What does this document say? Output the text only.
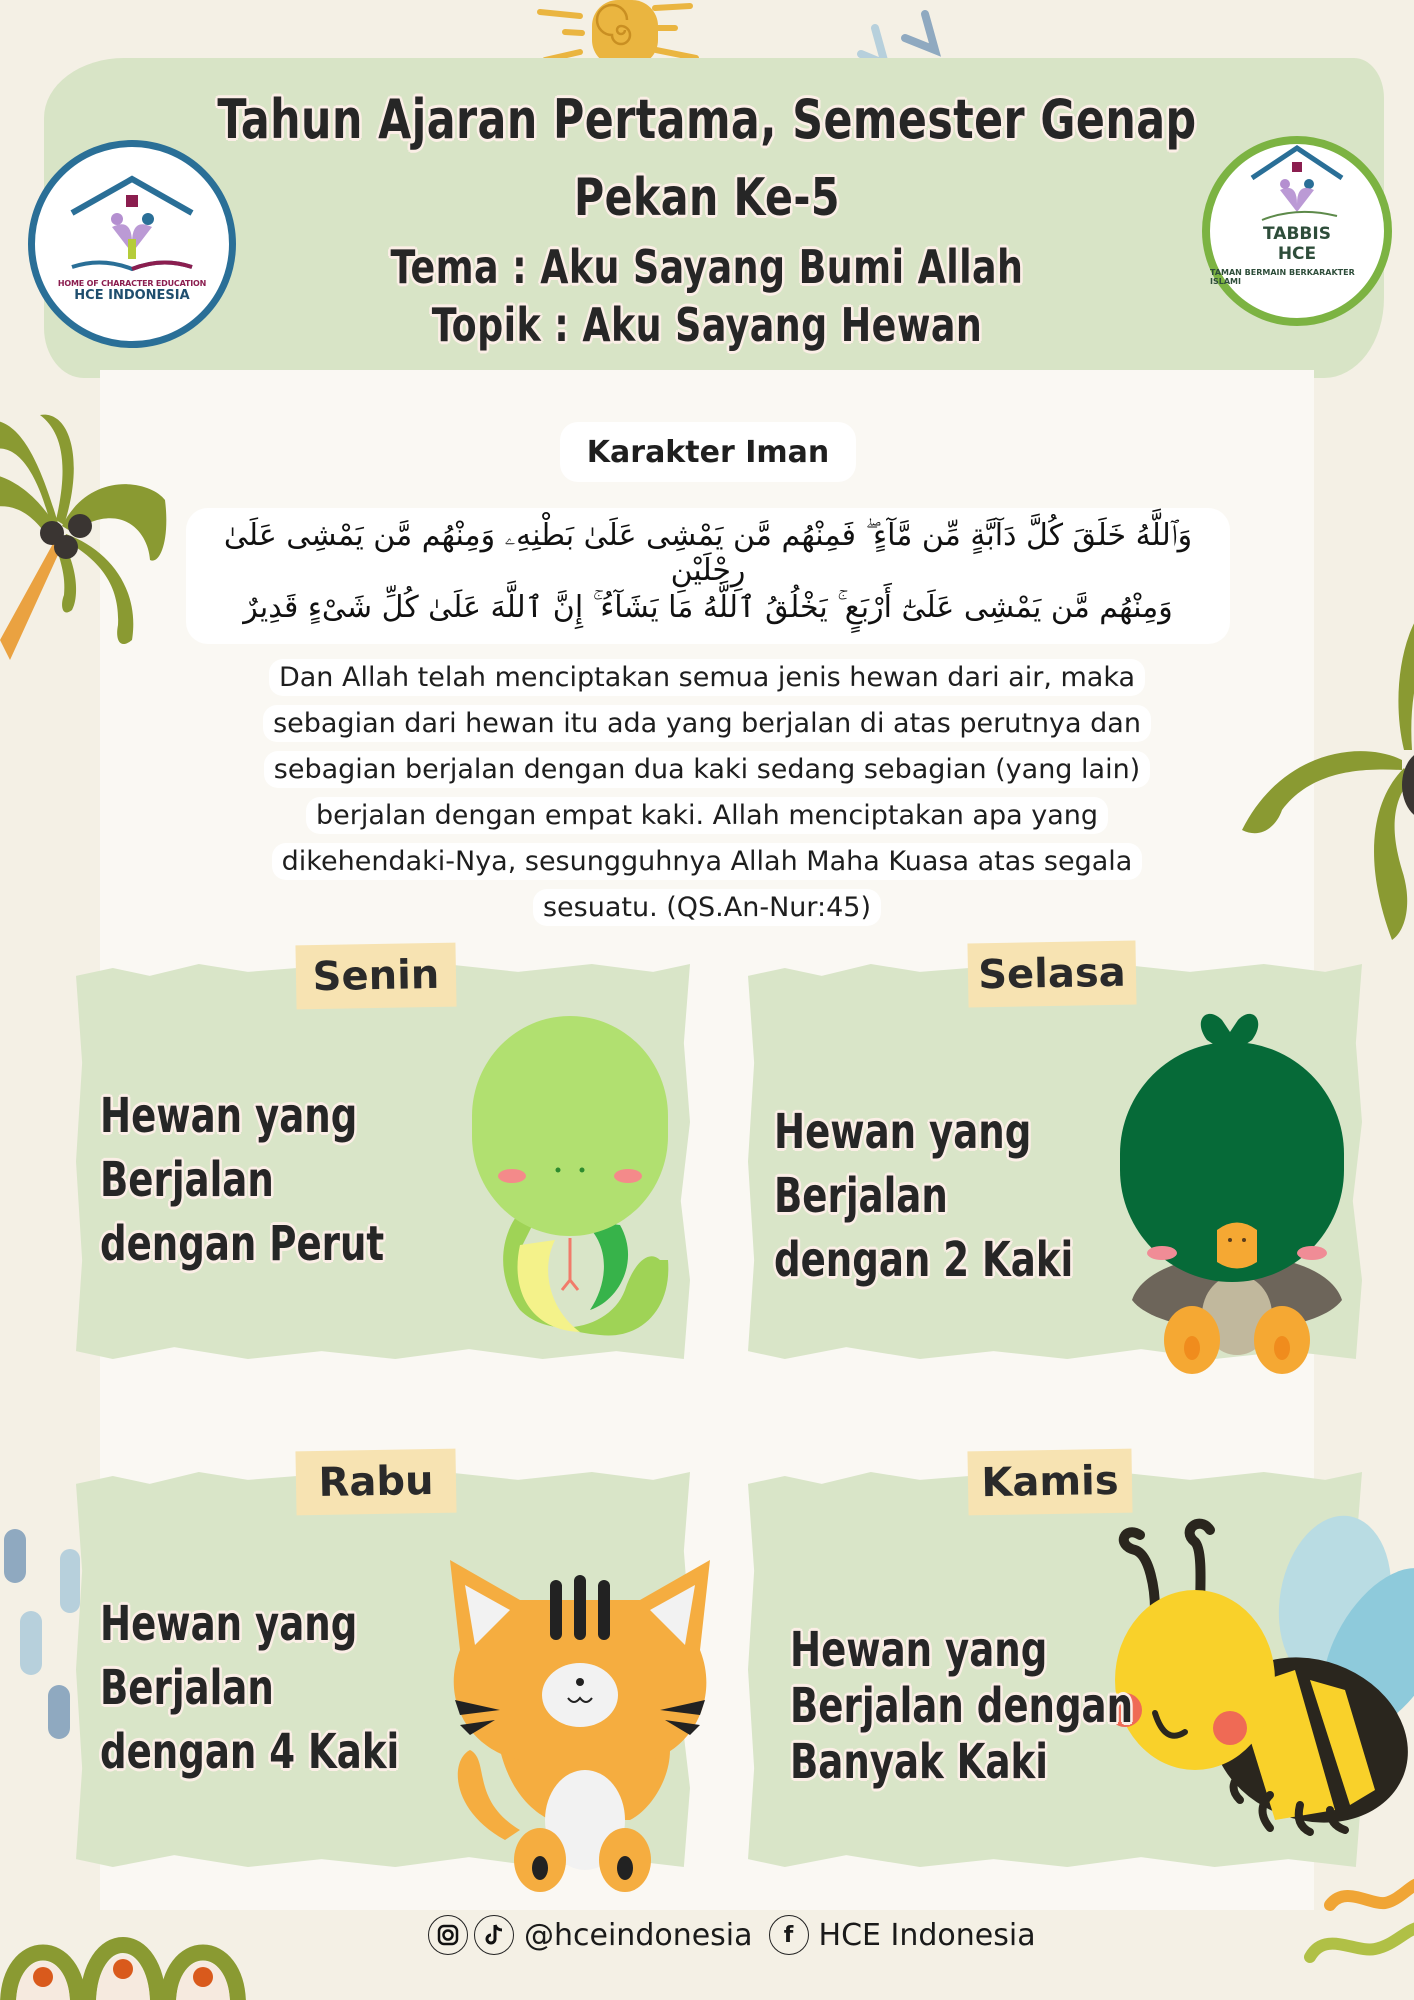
Tahun Ajaran Pertama, Semester Genap
Pekan Ke-5
Tema : Aku Sayang Bumi Allah
Topik : Aku Sayang Hewan
HOME OF CHARACTER EDUCATION
HCE INDONESIA
TABBIS
HCE
TAMAN BERMAIN BERKARAKTER ISLAMI
Karakter Iman
وَٱللَّهُ خَلَقَ كُلَّ دَآبَّةٍ مِّن مَّآءٍ ۖ فَمِنْهُم مَّن يَمْشِى عَلَىٰ بَطْنِهِۦ وَمِنْهُم مَّن يَمْشِى عَلَىٰ رِجْلَيْنِ
وَمِنْهُم مَّن يَمْشِى عَلَىٰٓ أَرْبَعٍ ۚ يَخْلُقُ ٱللَّهُ مَا يَشَآءُ ۚ إِنَّ ٱللَّهَ عَلَىٰ كُلِّ شَىْءٍ قَدِيرٌ
Dan Allah telah menciptakan semua jenis hewan dari air, maka
sebagian dari hewan itu ada yang berjalan di atas perutnya dan
sebagian berjalan dengan dua kaki sedang sebagian (yang lain)
berjalan dengan empat kaki. Allah menciptakan apa yang
dikehendaki-Nya, sesungguhnya Allah Maha Kuasa atas segala
sesuatu. (QS.An-Nur:45)
Senin	Selasa
Rabu	Kamis
Hewan yang
Berjalan
dengan Perut
Hewan yang
Berjalan
dengan 2 Kaki
Hewan yang
Berjalan
dengan 4 Kaki
Hewan yang
Berjalan dengan
Banyak Kaki
@hceindonesia	f HCE Indonesia
